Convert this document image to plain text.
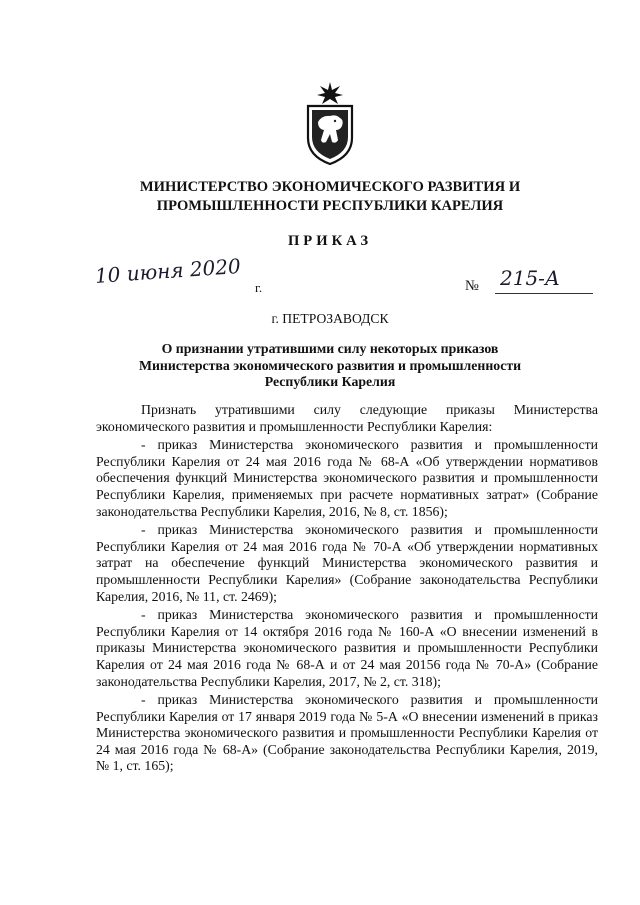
МИНИСТЕРСТВО ЭКОНОМИЧЕСКОГО РАЗВИТИЯ И
ПРОМЫШЛЕННОСТИ РЕСПУБЛИКИ КАРЕЛИЯ
ПРИКАЗ
10 июня 2020 г.	№ 215-А
г. ПЕТРОЗАВОДСК
О признании утратившими силу некоторых приказов
Министерства экономического развития и промышленности
Республики Карелия

Признать утратившими силу следующие приказы Министерства экономического развития и промышленности Республики Карелия:

- приказ Министерства экономического развития и промышленности Республики Карелия от 24 мая 2016 года № 68-А «Об утверждении нормативов обеспечения функций Министерства экономического развития и промышленности Республики Карелия, применяемых при расчете нормативных затрат» (Собрание законодательства Республики Карелия, 2016, № 8, ст. 1856);

- приказ Министерства экономического развития и промышленности Республики Карелия от 24 мая 2016 года № 70-А «Об утверждении нормативных затрат на обеспечение функций Министерства экономического развития и промышленности Республики Карелия» (Собрание законодательства Республики Карелия, 2016, № 11, ст. 2469);

- приказ Министерства экономического развития и промышленности Республики Карелия от 14 октября 2016 года № 160-А «О внесении изменений в приказы Министерства экономического развития и промышленности Республики Карелия от 24 мая 2016 года № 68-А и от 24 мая 20156 года № 70-А» (Собрание законодательства Республики Карелия, 2017, № 2, ст. 318);

- приказ Министерства экономического развития и промышленности Республики Карелия от 17 января 2019 года № 5-А «О внесении изменений в приказ Министерства экономического развития и промышленности Республики Карелия от 24 мая 2016 года № 68-А» (Собрание законодательства Республики Карелия, 2019, № 1, ст. 165);
